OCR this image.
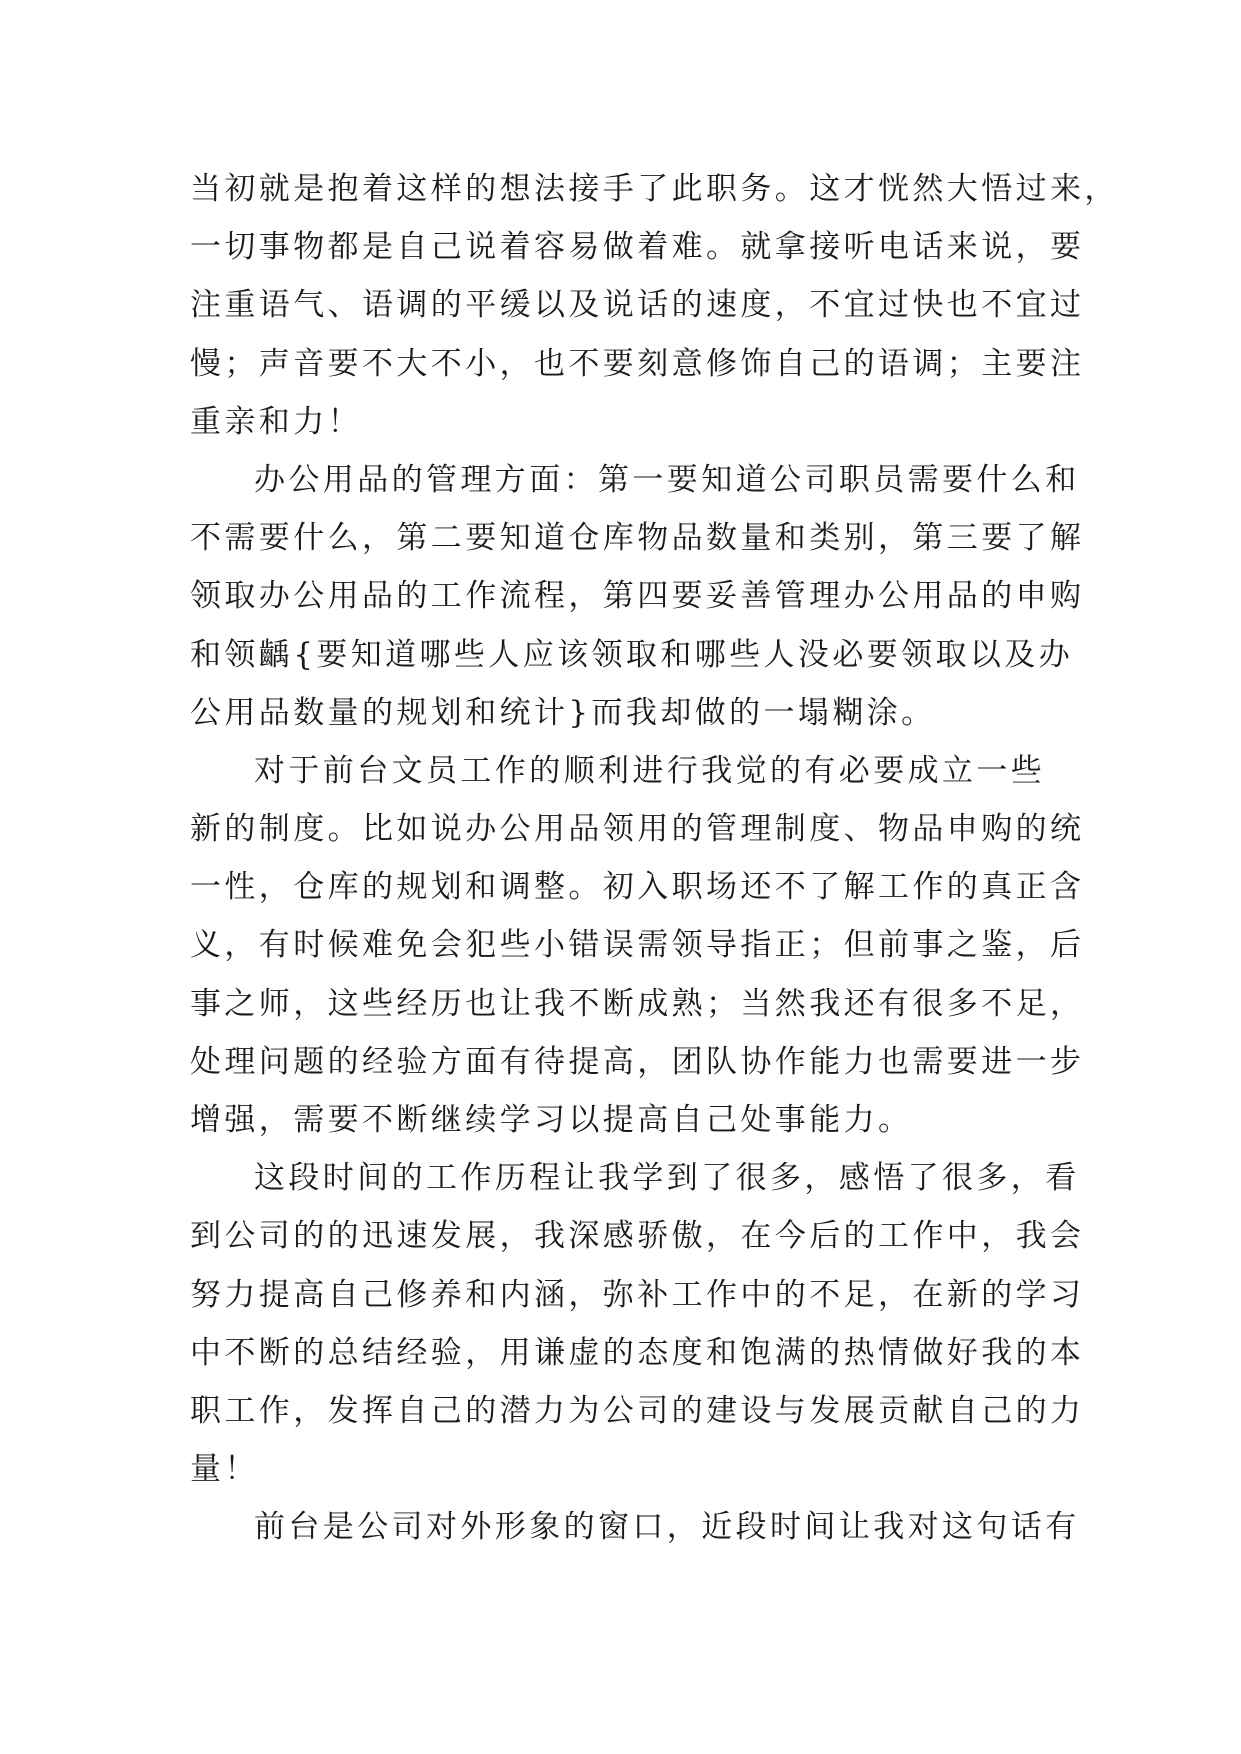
当初就是抱着这样的想法接手了此职务。这才恍然大悟过来，
一切事物都是自己说着容易做着难。就拿接听电话来说，要
注重语气、语调的平缓以及说话的速度，不宜过快也不宜过
慢；声音要不大不小，也不要刻意修饰自己的语调；主要注
重亲和力！
办公用品的管理方面：第一要知道公司职员需要什么和
不需要什么，第二要知道仓库物品数量和类别，第三要了解
领取办公用品的工作流程，第四要妥善管理办公用品的申购
和领齲{要知道哪些人应该领取和哪些人没必要领取以及办
公用品数量的规划和统计}而我却做的一塌糊涂。
对于前台文员工作的顺利进行我觉的有必要成立一些
新的制度。比如说办公用品领用的管理制度、物品申购的统
一性，仓库的规划和调整。初入职场还不了解工作的真正含
义，有时候难免会犯些小错误需领导指正；但前事之鉴，后
事之师，这些经历也让我不断成熟；当然我还有很多不足，
处理问题的经验方面有待提高，团队协作能力也需要进一步
增强，需要不断继续学习以提高自己处事能力。
这段时间的工作历程让我学到了很多，感悟了很多，看
到公司的的迅速发展，我深感骄傲，在今后的工作中，我会
努力提高自己修养和内涵，弥补工作中的不足，在新的学习
中不断的总结经验，用谦虚的态度和饱满的热情做好我的本
职工作，发挥自己的潜力为公司的建设与发展贡献自己的力
量！
前台是公司对外形象的窗口，近段时间让我对这句话有
